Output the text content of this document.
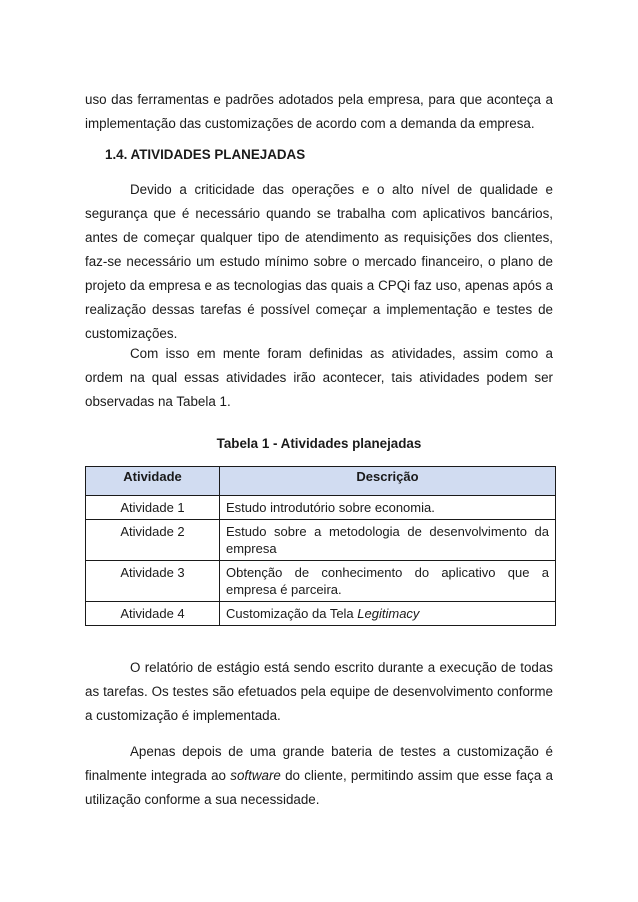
uso das ferramentas e padrões adotados pela empresa, para que aconteça a implementação das customizações de acordo com a demanda da empresa.

1.4. ATIVIDADES PLANEJADAS

Devido a criticidade das operações e o alto nível de qualidade e segurança que é necessário quando se trabalha com aplicativos bancários, antes de começar qualquer tipo de atendimento as requisições dos clientes, faz-se necessário um estudo mínimo sobre o mercado financeiro, o plano de projeto da empresa e as tecnologias das quais a CPQi faz uso, apenas após a realização dessas tarefas é possível começar a implementação e testes de customizações.

Com isso em mente foram definidas as atividades, assim como a ordem na qual essas atividades irão acontecer, tais atividades podem ser observadas na Tabela 1.

Tabela 1 - Atividades planejadas

Atividade	Descrição
Atividade 1	Estudo introdutório sobre economia.
Atividade 2	Estudo sobre a metodologia de desenvolvimento da empresa
Atividade 3	Obtenção de conhecimento do aplicativo que a empresa é parceira.
Atividade 4	Customização da Tela Legitimacy

O relatório de estágio está sendo escrito durante a execução de todas as tarefas. Os testes são efetuados pela equipe de desenvolvimento conforme a customização é implementada.

Apenas depois de uma grande bateria de testes a customização é finalmente integrada ao software do cliente, permitindo assim que esse faça a utilização conforme a sua necessidade.
